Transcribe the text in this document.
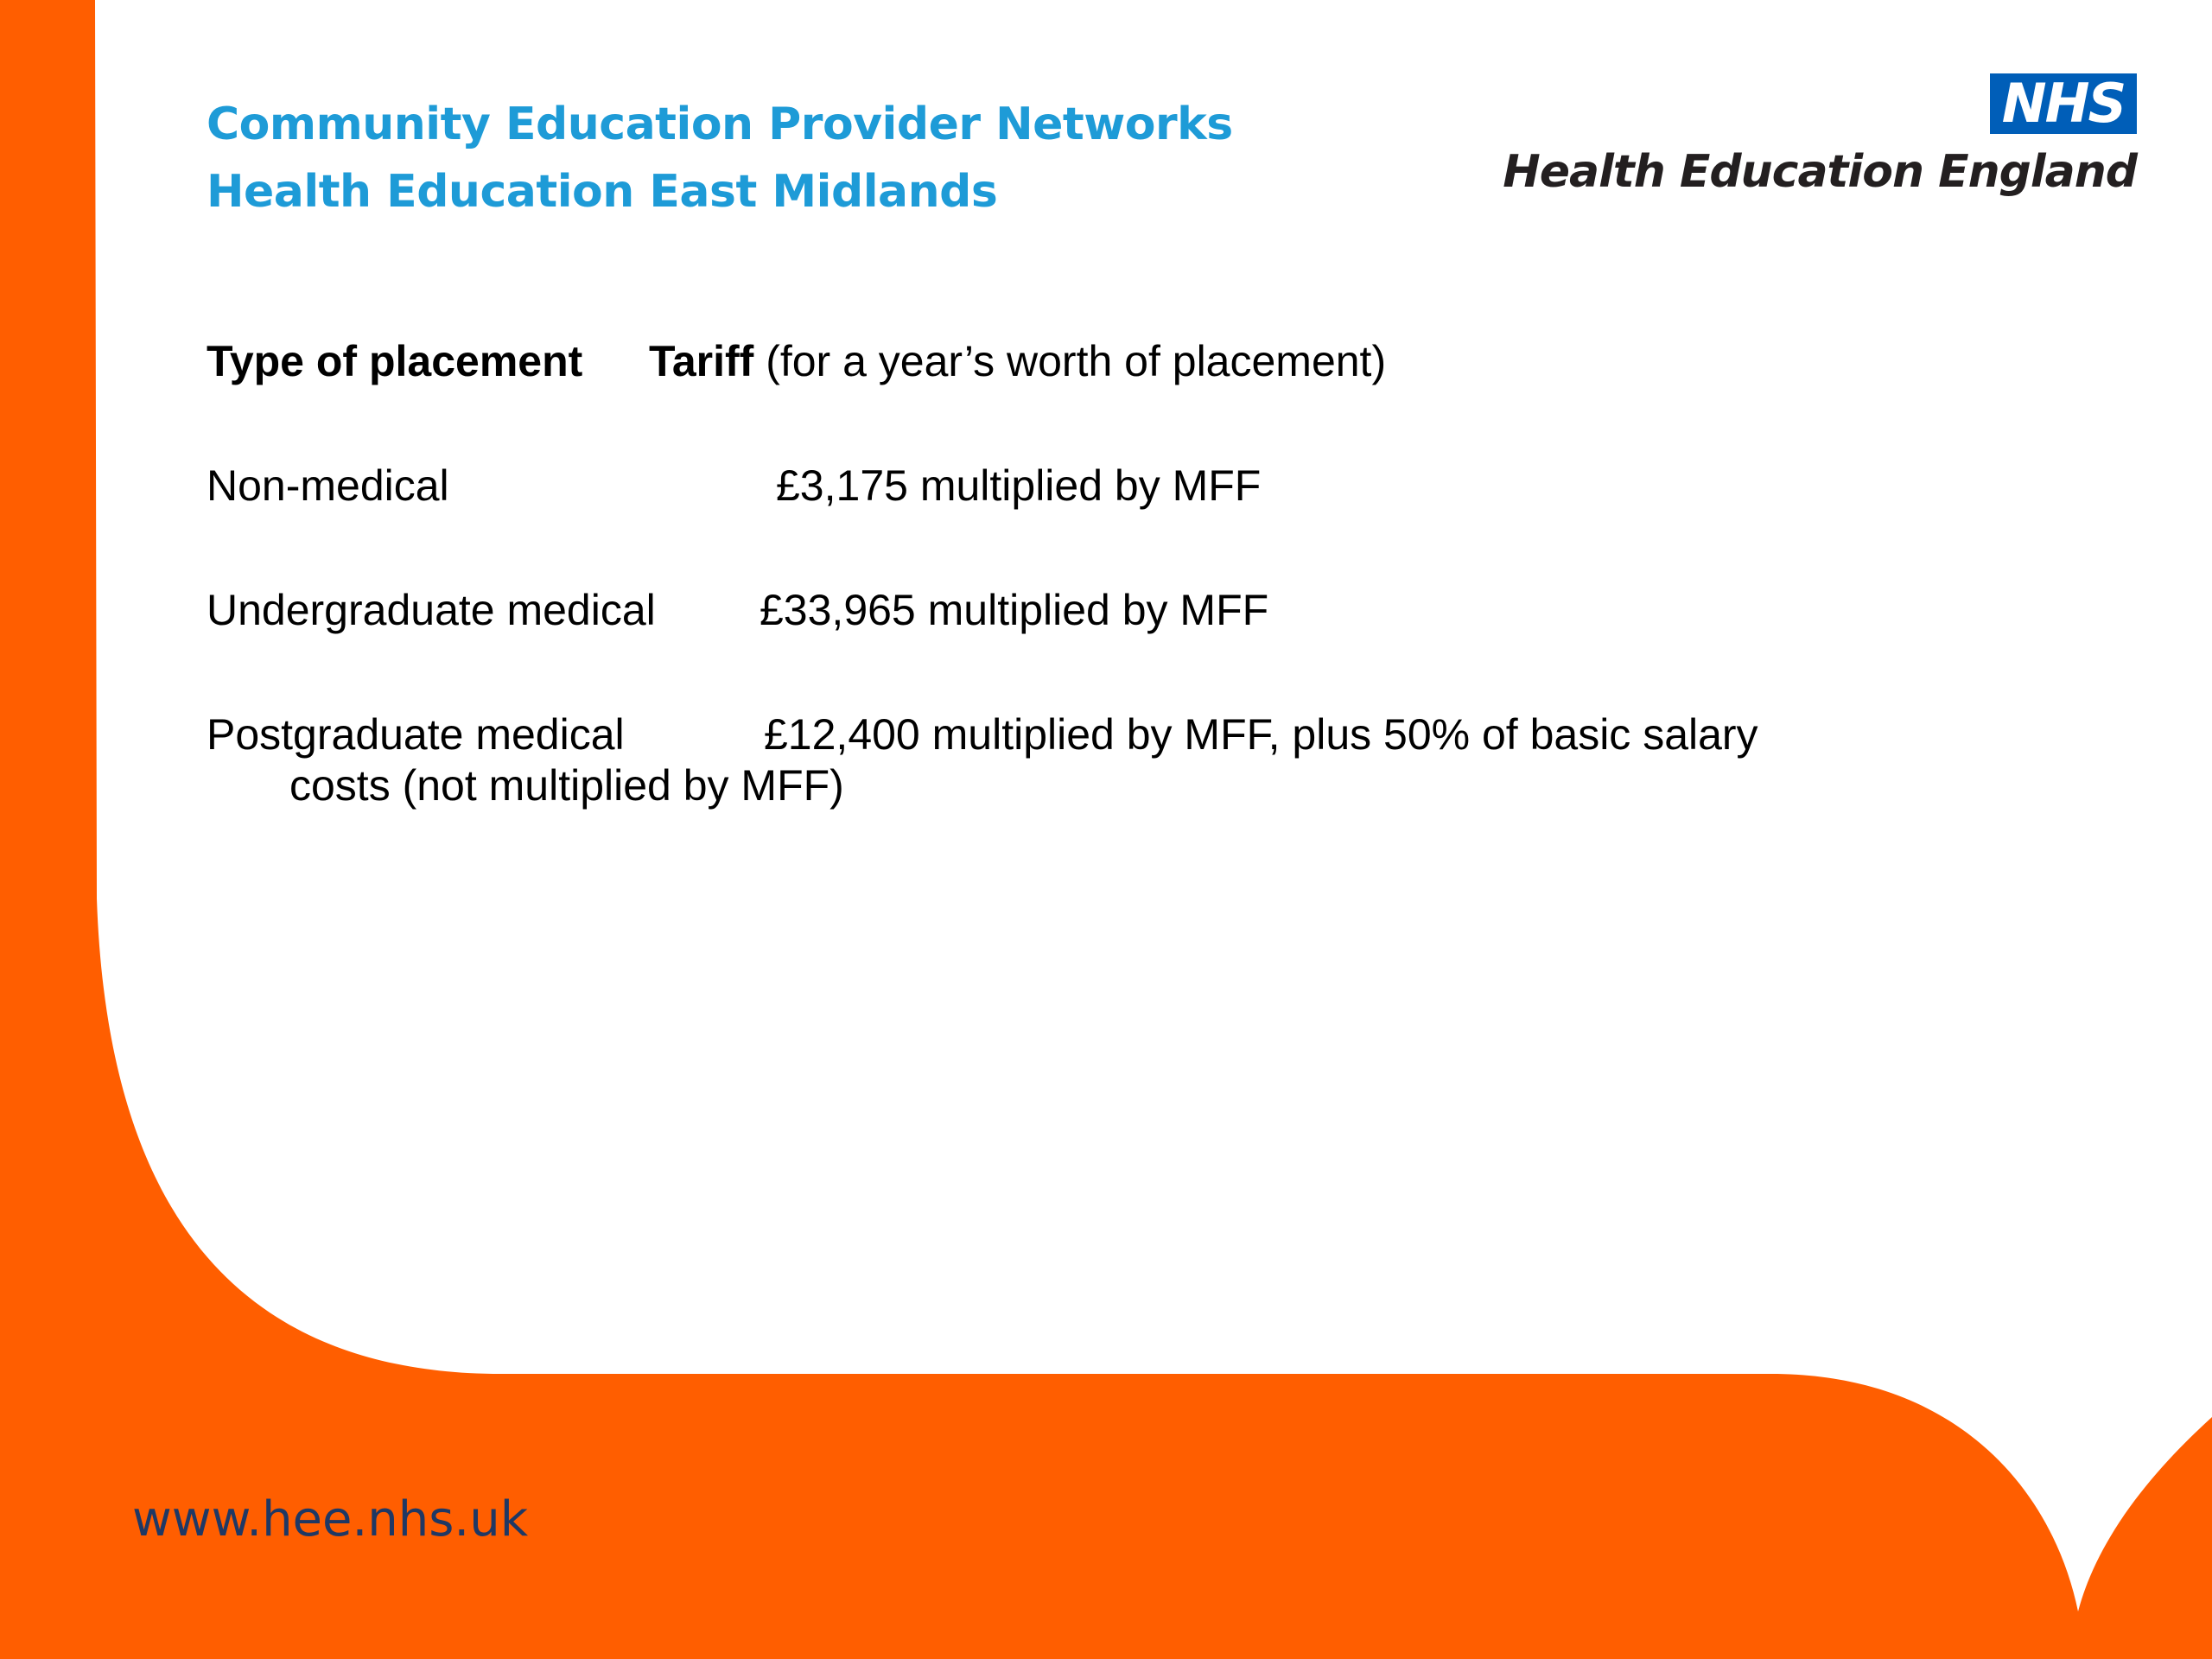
Community Education Provider Networks
Health Education East Midlands
NHS
Health Education England
Type of placement Tariff (for a year’s worth of placement)
Non-medical	£3,175 multiplied by MFF
Undergraduate medical £33,965 multiplied by MFF
Postgraduate medical	£12,400 multiplied by MFF, plus 50% of basic salary
costs (not multiplied by MFF)
www.hee.nhs.uk
